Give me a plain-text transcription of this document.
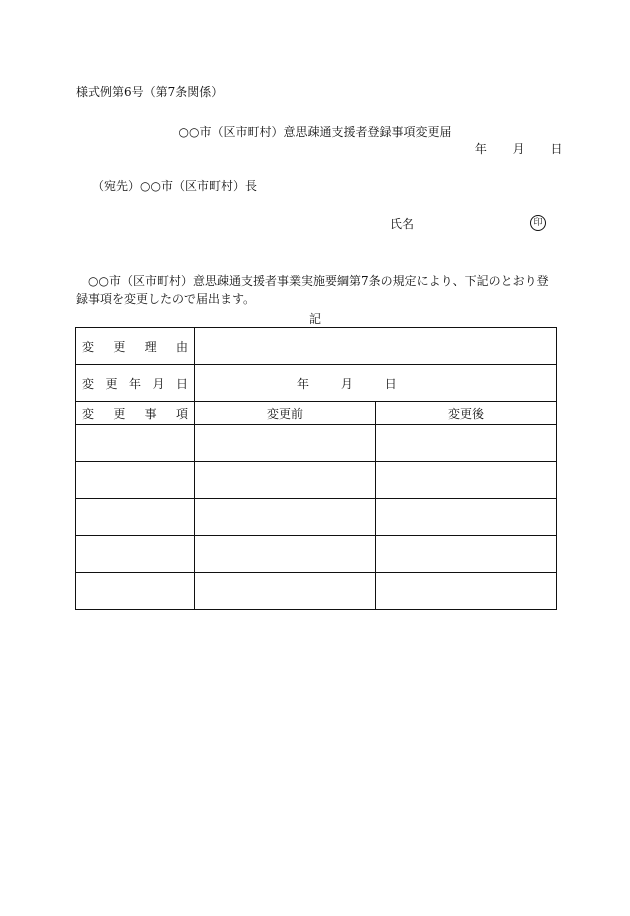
様式例第6号（第7条関係）
○○市（区市町村）意思疎通支援者登録事項変更届
年 月 日
（宛先）○○市（区市町村）長
氏名	印
○○市（区市町村）意思疎通支援者事業実施要綱第7条の規定により、下記のとおり登録事項を変更したので届出ます。
記
変 更 理 由		

変 更 年 月 日	年 月 日	

変 更 事 項	変更前	変更後
